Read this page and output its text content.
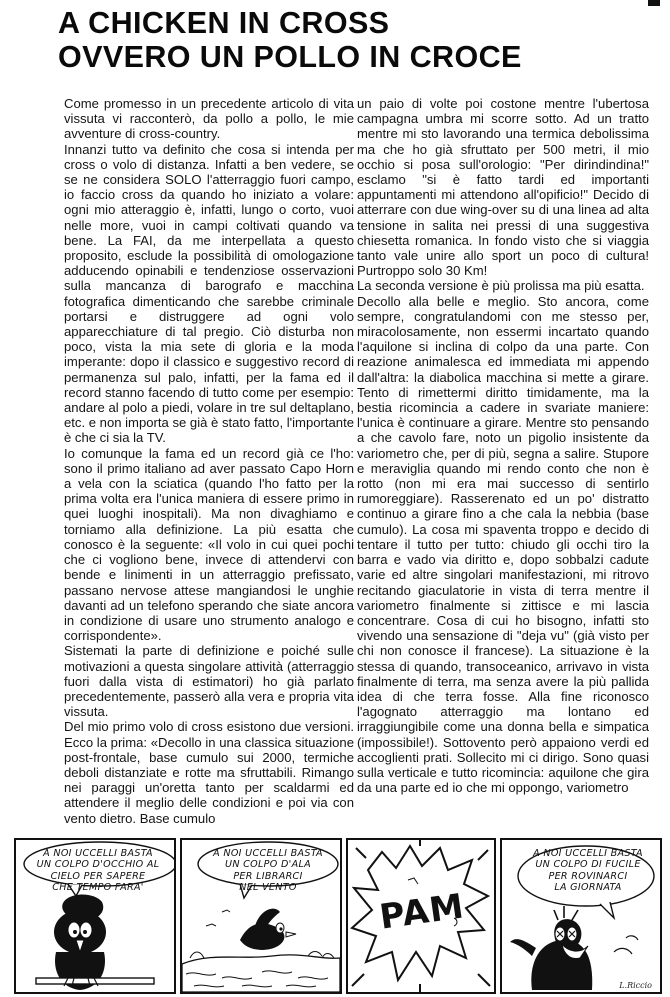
A CHICKEN IN CROSS
OVVERO UN POLLO IN CROCE

Come promesso in un precedente articolo di vita vissuta vi racconterò, da pollo a pollo, le mie avventure di cross-country.

Innanzi tutto va definito che cosa si intenda per cross o volo di distanza. Infatti a ben vedere, se se ne considera SOLO l'atterraggio fuori campo, io faccio cross da quando ho iniziato a volare: ogni mio atteraggio è, infatti, lungo o corto, vuoi nelle more, vuoi in campi coltivati quando va bene. La FAI, da me interpellata a questo proposito, esclude la possibilità di omologazione adducendo opinabili e tendenziose osservazioni sulla mancanza di barografo e macchina fotografica dimenticando che sarebbe criminale portarsi e distruggere ad ogni volo apparecchiature di tal pregio. Ciò disturba non poco, vista la mia sete di gloria e la moda imperante: dopo il classico e suggestivo record di permanenza sul palo, infatti, per la fama ed il record stanno facendo di tutto come per esempio: andare al polo a piedi, volare in tre sul deltaplano, etc. e non importa se già è stato fatto, l'importante è che ci sia la TV.

Io comunque la fama ed un record già ce l'ho: sono il primo italiano ad aver passato Capo Horn a vela con la sciatica (quando l'ho fatto per la prima volta era l'unica maniera di essere primo in quei luoghi inospitali). Ma non divaghiamo e torniamo alla definizione. La più esatta che conosco è la seguente: «Il volo in cui quei pochi che ci vogliono bene, invece di attendervi con bende e linimenti in un atterraggio prefissato, passano nervose attese mangiandosi le unghie davanti ad un telefono sperando che siate ancora in condizione di usare uno strumento analogo e corrispondente».

Sistemati la parte di definizione e poiché sulle motivazioni a questa singolare attività (atterraggio fuori dalla vista di estimatori) ho già parlato precedentemente, passerò alla vera e propria vita vissuta.

Del mio primo volo di cross esistono due versioni. Ecco la prima: «Decollo in una classica situazione post-frontale, base cumulo sui 2000, termiche deboli distanziate e rotte ma sfruttabili. Rimango nei paraggi un'oretta tanto per scaldarmi ed attendere il meglio delle condizioni e poi via con vento dietro. Base cumulo

un paio di volte poi costone mentre l'ubertosa campagna umbra mi scorre sotto. Ad un tratto mentre mi sto lavorando una termica debolissima ma che ho già sfruttato per 500 metri, il mio occhio si posa sull'orologio: "Per dirindindina!" esclamo "si è fatto tardi ed importanti appuntamenti mi attendono all'opificio!" Decido di atterrare con due wing-over su di una linea ad alta tensione in salita nei pressi di una suggestiva chiesetta romanica. In fondo visto che si viaggia tanto vale unire allo sport un poco di cultura! Purtroppo solo 30 Km!

La seconda versione è più prolissa ma più esatta.

Decollo alla belle e meglio. Sto ancora, come sempre, congratulandomi con me stesso per, miracolosamente, non essermi incartato quando l'aquilone si inclina di colpo da una parte. Con reazione animalesca ed immediata mi appendo dall'altra: la diabolica macchina si mette a girare. Tento di rimettermi diritto timidamente, ma la bestia ricomincia a cadere in svariate maniere: l'unica è continuare a girare. Mentre sto pensando a che cavolo fare, noto un pigolio insistente da variometro che, per di più, segna a salire. Stupore e meraviglia quando mi rendo conto che non è rotto (non mi era mai successo di sentirlo rumoreggiare). Rasserenato ed un po' distratto continuo a girare fino a che cala la nebbia (base cumulo). La cosa mi spaventa troppo e decido di tentare il tutto per tutto: chiudo gli occhi tiro la barra e vado via diritto e, dopo sobbalzi cadute varie ed altre singolari manifestazioni, mi ritrovo recitando giaculatorie in vista di terra mentre il variometro finalmente si zittisce e mi lascia concentrare. Cosa di cui ho bisogno, infatti sto vivendo una sensazione di "deja vu" (già visto per chi non conosce il francese). La situazione è la stessa di quando, transoceanico, arrivavo in vista finalmente di terra, ma senza avere la più pallida idea di che terra fosse. Alla fine riconosco l'agognato atterraggio ma lontano ed irraggiungibile come una donna bella e simpatica (impossibile!). Sottovento però appaiono verdi ed accoglienti prati. Sollecito mi ci dirigo. Sono quasi sulla verticale e tutto ricomincia: aquilone che gira da una parte ed io che mi oppongo, variometro

A NOI UCCELLI BASTA
UN COLPO D'OCCHIO AL
CIELO PER SAPERE
CHE TEMPO FARA'
A NOI UCCELLI BASTA
UN COLPO D'ALA
PER LIBRARCI
NEL VENTO	PAM
A NOI UCCELLI BASTA
UN COLPO DI FUCILE
PER ROVINARCI
LA GIORNATA
L.Riccio
